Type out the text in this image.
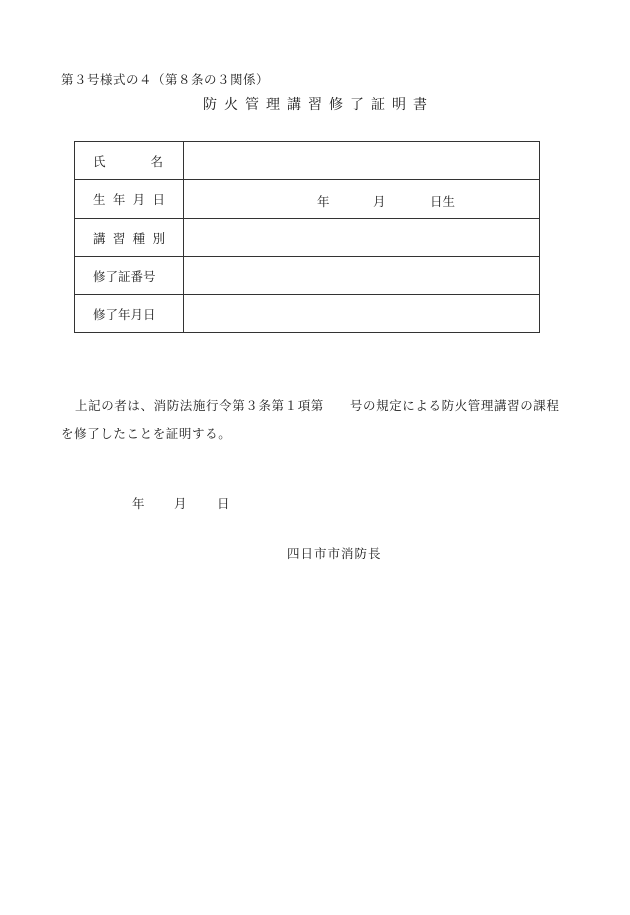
第３号様式の４（第８条の３関係）
防火管理講習修了証明書
氏 名	

生 年 月 日	年 月 日生

講 習 種 別	

修了証番号	
修了年月日	
上記の者は、消防法施行令第３条第１項第 号の規定による防火管理講習の課程
を修了したことを証明する。
年 月 日
四日市市消防長
